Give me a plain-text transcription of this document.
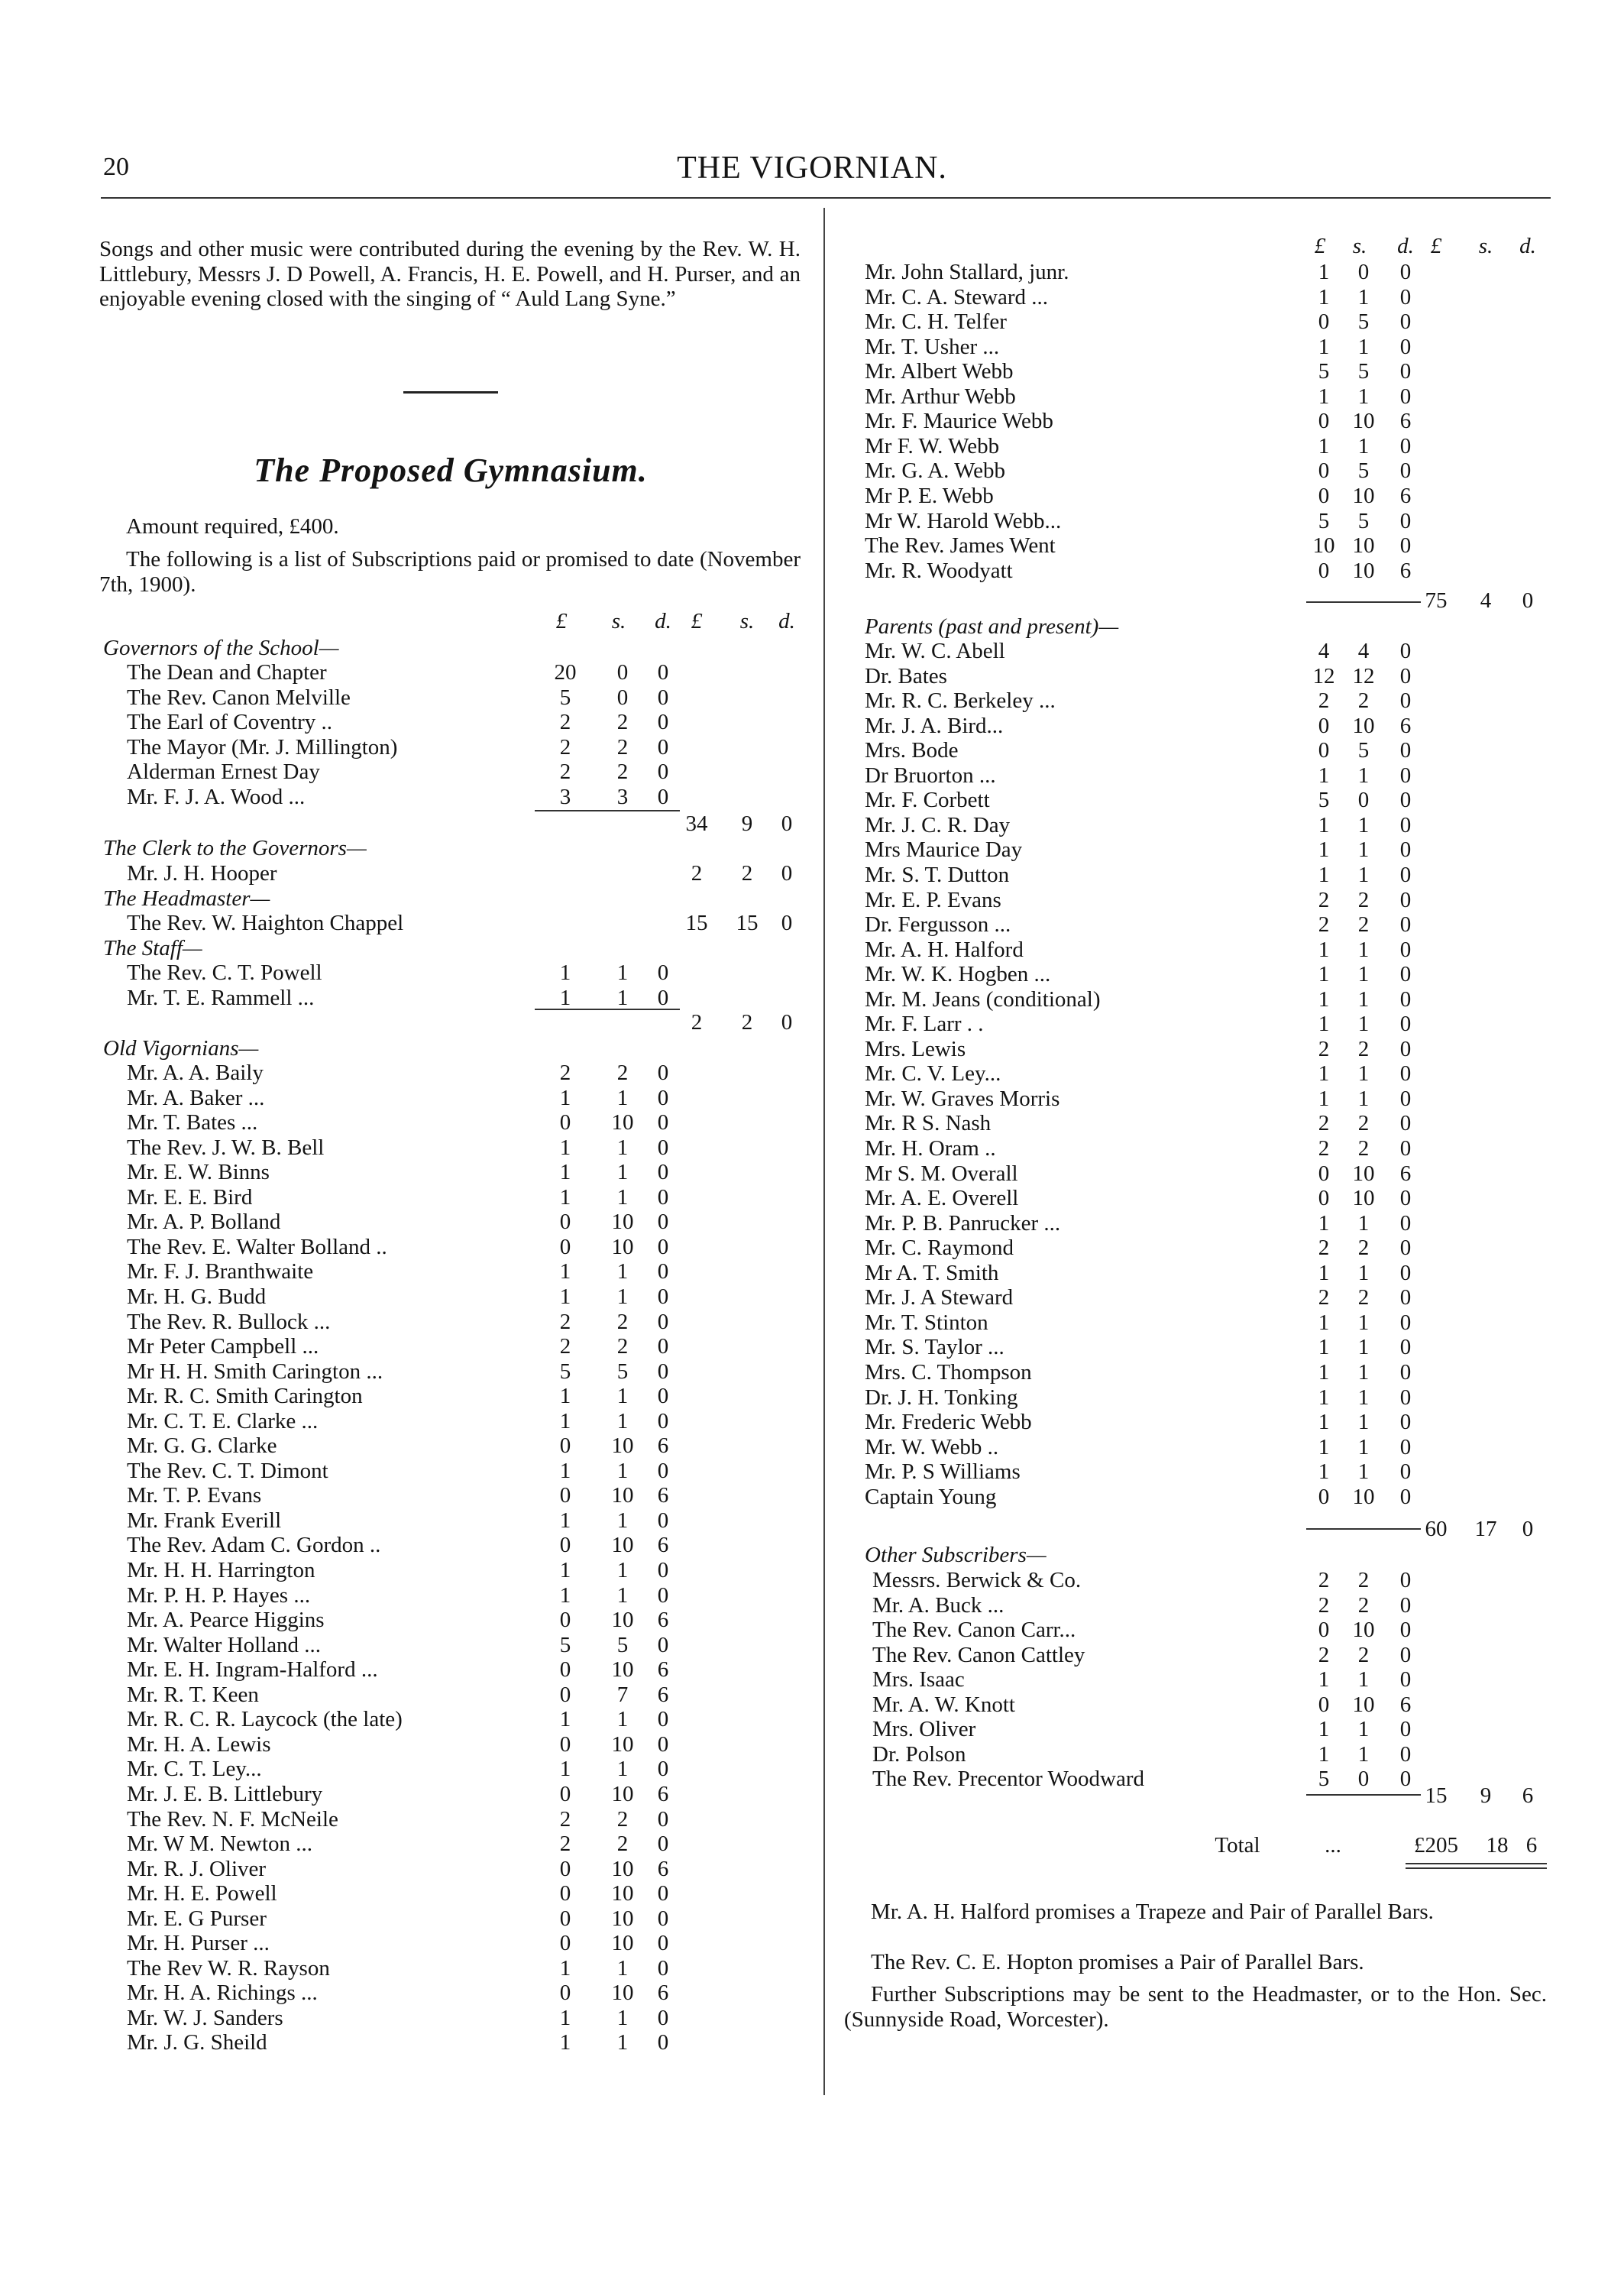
20	THE VIGORNIAN.

Songs and other music were contributed during the evening by the Rev. W. H. Littlebury, Messrs J. D Powell, A. Francis, H. E. Powell, and H. Purser, and an enjoyable evening closed with the singing of “ Auld Lang Syne.”

The Proposed Gymnasium.

Amount required, £400.

The following is a list of Subscriptions paid or promised to date (November 7th, 1900).

£	s.	d. £	s.	d.
Governors of the School—
The Dean and Chapter	20	0	0
The Rev. Canon Melville	5	0	0
The Earl of Coventry ..	2	2	0
The Mayor (Mr. J. Millington)	2	2	0
Alderman Ernest Day	2	2	0
Mr. F. J. A. Wood ...	3	3	0
34	9	0
The Clerk to the Governors—
Mr. J. H. Hooper	2	2	0
The Headmaster—
The Rev. W. Haighton Chappel	15	15	0
The Staff—
The Rev. C. T. Powell	1	1	0
Mr. T. E. Rammell ...	1	1	0
2	2	0
Old Vigornians—
Mr. A. A. Baily	2	2	0
Mr. A. Baker ...	1	1	0
Mr. T. Bates ...	0	10 0
The Rev. J. W. B. Bell	1	1	0
Mr. E. W. Binns	1	1	0
Mr. E. E. Bird	1	1	0
Mr. A. P. Bolland	0	10 0
The Rev. E. Walter Bolland ..	0	10 0
Mr. F. J. Branthwaite	1	1	0
Mr. H. G. Budd	1	1	0
The Rev. R. Bullock ...	2	2	0
Mr Peter Campbell ...	2	2	0
Mr H. H. Smith Carington ...	5	5	0
Mr. R. C. Smith Carington	1	1	0
Mr. C. T. E. Clarke ...	1	1	0
Mr. G. G. Clarke	0	10 6
The Rev. C. T. Dimont	1	1	0
Mr. T. P. Evans	0	10 6
Mr. Frank Everill	1	1	0
The Rev. Adam C. Gordon ..	0	10 6
Mr. H. H. Harrington	1	1	0
Mr. P. H. P. Hayes ...	1	1	0
Mr. A. Pearce Higgins	0	10 6
Mr. Walter Holland ...	5	5	0
Mr. E. H. Ingram-Halford ...	0	10 6
Mr. R. T. Keen	0	7	6
Mr. R. C. R. Laycock (the late)	1	1	0
Mr. H. A. Lewis	0	10 0
Mr. C. T. Ley...	1	1	0
Mr. J. E. B. Littlebury	0	10 6
The Rev. N. F. McNeile	2	2	0
Mr. W M. Newton ...	2	2	0
Mr. R. J. Oliver	0	10 6
Mr. H. E. Powell	0	10 0
Mr. E. G Purser	0	10 0
Mr. H. Purser ...	0	10 0
The Rev W. R. Rayson	1	1	0
Mr. H. A. Richings ...	0	10 6
Mr. W. J. Sanders	1	1	0
Mr. J. G. Sheild	1	1	0
£	s.	d. £	s.	d.
Mr. John Stallard, junr.	1	0	0
Mr. C. A. Steward ...	1	1	0
Mr. C. H. Telfer	0	5	0
Mr. T. Usher ...	1	1	0
Mr. Albert Webb	5	5	0
Mr. Arthur Webb	1	1	0
Mr. F. Maurice Webb	0	10 6
Mr F. W. Webb	1	1	0
Mr. G. A. Webb	0	5	0
Mr P. E. Webb	0	10 6
Mr W. Harold Webb...	5	5	0
The Rev. James Went	10 10 0
Mr. R. Woodyatt	0	10 6
75	4	0
Parents (past and present)—
Mr. W. C. Abell	4	4	0
Dr. Bates	12 12 0
Mr. R. C. Berkeley ...	2	2	0
Mr. J. A. Bird...	0	10 6
Mrs. Bode	0	5	0
Dr Bruorton ...	1	1	0
Mr. F. Corbett	5	0	0
Mr. J. C. R. Day	1	1	0
Mrs Maurice Day	1	1	0
Mr. S. T. Dutton	1	1	0
Mr. E. P. Evans	2	2	0
Dr. Fergusson ...	2	2	0
Mr. A. H. Halford	1	1	0
Mr. W. K. Hogben ...	1	1	0
Mr. M. Jeans (conditional)	1	1	0
Mr. F. Larr . .	1	1	0
Mrs. Lewis	2	2	0
Mr. C. V. Ley...	1	1	0
Mr. W. Graves Morris	1	1	0
Mr. R S. Nash	2	2	0
Mr. H. Oram ..	2	2	0
Mr S. M. Overall	0	10 6
Mr. A. E. Overell	0	10 0
Mr. P. B. Panrucker ...	1	1	0
Mr. C. Raymond	2	2	0
Mr A. T. Smith	1	1	0
Mr. J. A Steward	2	2	0
Mr. T. Stinton	1	1	0
Mr. S. Taylor ...	1	1	0
Mrs. C. Thompson	1	1	0
Dr. J. H. Tonking	1	1	0
Mr. Frederic Webb	1	1	0
Mr. W. Webb ..	1	1	0
Mr. P. S Williams	1	1	0
Captain Young	0	10 0
60	17	0
Other Subscribers—
Messrs. Berwick & Co.	2	2	0
Mr. A. Buck ...	2	2	0
The Rev. Canon Carr...	0	10 0
The Rev. Canon Cattley	2	2	0
Mrs. Isaac	1	1	0
Mr. A. W. Knott	0	10 6
Mrs. Oliver	1	1	0
Dr. Polson	1	1	0
The Rev. Precentor Woodward	5	0	0
15	9	6
Total	...	£205	18 6

Mr. A. H. Halford promises a Trapeze and Pair of Parallel Bars.

The Rev. C. E. Hopton promises a Pair of Parallel Bars.

Further Subscriptions may be sent to the Headmaster, or to the Hon. Sec. (Sunnyside Road, Worcester).
